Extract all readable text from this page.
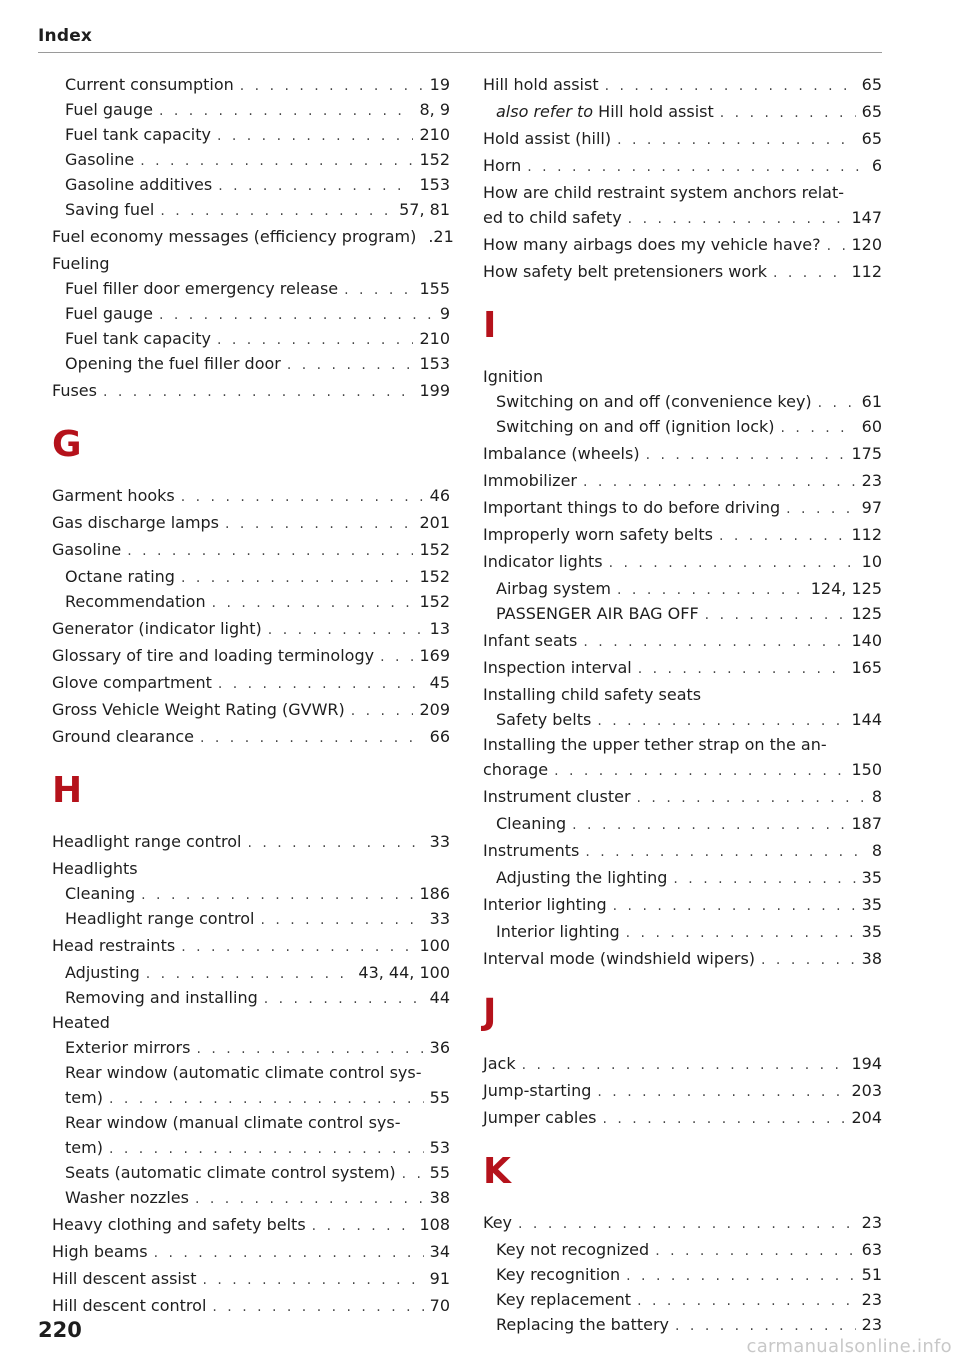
Index
Current consumption . . .	19
Fuel gauge . . .	8, 9
Fuel tank capacity . . .	210
Gasoline . . .	152
Gasoline additives . . .	153
Saving fuel . . .	57, 81
Fuel economy messages (efficiency program) .21
Fueling
Fuel filler door emergency release . . .	155
Fuel gauge . . .	9
Fuel tank capacity . . .	210
Opening the fuel filler door . . .	153
Fuses . . .	199
G
Garment hooks . . .	46
Gas discharge lamps . . .	201
Gasoline . . .	152
Octane rating . . .	152
Recommendation . . .	152
Generator (indicator light) . . .	13
Glossary of tire and loading terminology . . .	169
Glove compartment . . .	45
Gross Vehicle Weight Rating (GVWR) . . .	209
Ground clearance . . .	66
H
Headlight range control . . .	33
Headlights
Cleaning . . .	186
Headlight range control . . .	33
Head restraints . . .	100
Adjusting . . .	43, 44, 100
Removing and installing . . .	44
Heated
Exterior mirrors . . .	36
Rear window (automatic climate control sys-
tem) . . .	55
Rear window (manual climate control sys-
tem) . . .	53
Seats (automatic climate control system) . . . 55
Washer nozzles . . .	38
Heavy clothing and safety belts . . .	108
High beams . . .	34
Hill descent assist . . .	91
Hill descent control . . .	70
Hill hold assist . . .	65
also refer to Hill hold assist . . .	65
Hold assist (hill) . . .	65
Horn . . .	6
How are child restraint system anchors relat-
ed to child safety . . .	147
How many airbags does my vehicle have? . . . 120
How safety belt pretensioners work . . .	112
I
Ignition
Switching on and off (convenience key) . . .	61
Switching on and off (ignition lock) . . .	60
Imbalance (wheels) . . .	175
Immobilizer . . .	23
Important things to do before driving . . .	97
Improperly worn safety belts . . .	112
Indicator lights . . .	10
Airbag system . . .	124, 125
PASSENGER AIR BAG OFF . . .	125
Infant seats . . .	140
Inspection interval . . .	165
Installing child safety seats
Safety belts . . .	144
Installing the upper tether strap on the an-
chorage . . .	150
Instrument cluster . . .	8
Cleaning . . .	187
Instruments . . .	8
Adjusting the lighting . . .	35
Interior lighting . . .	35
Interior lighting . . .	35
Interval mode (windshield wipers) . . .	38
J
Jack . . .	194
Jump-starting . . .	203
Jumper cables . . .	204
K
Key . . .	23
Key not recognized . . .	63
Key recognition . . .	51
Key replacement . . .	23
Replacing the battery . . .	23
220
carmanualsonline.info
